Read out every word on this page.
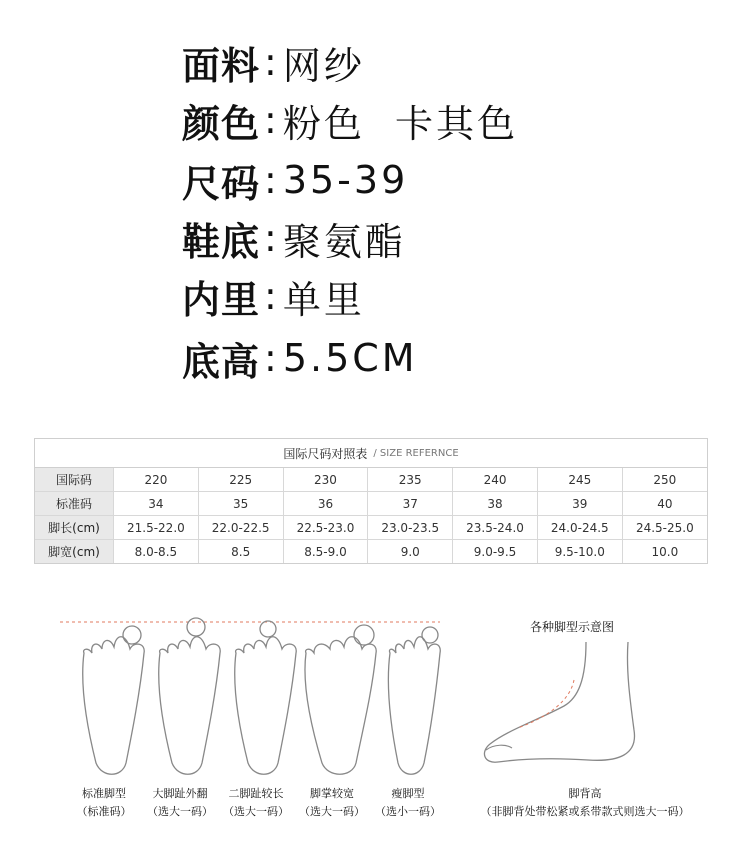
面料 : 网纱
颜色 : 粉色  卡其色
尺码 : 35-39
鞋底 : 聚氨酯
内里 : 单里
底高 : 5.5CM
国际尺码对照表 / SIZE REFERNCE
国际码	220	225	230	235	240	245	250
标准码	34	35	36	37	38	39	40
脚长(cm)	21.5-22.0	22.0-22.5	22.5-23.0	23.0-23.5	23.5-24.0	24.0-24.5	24.5-25.0
脚宽(cm)	8.0-8.5	8.5	8.5-9.0	9.0	9.0-9.5	9.5-10.0	10.0
标准脚型
（标准码）
大脚趾外翻
（选大一码）
二脚趾较长
（选大一码）
脚掌较宽
（选大一码）
瘦脚型
（选小一码）
各种脚型示意图
脚背高
（非脚背处带松紧或系带款式则选大一码）
